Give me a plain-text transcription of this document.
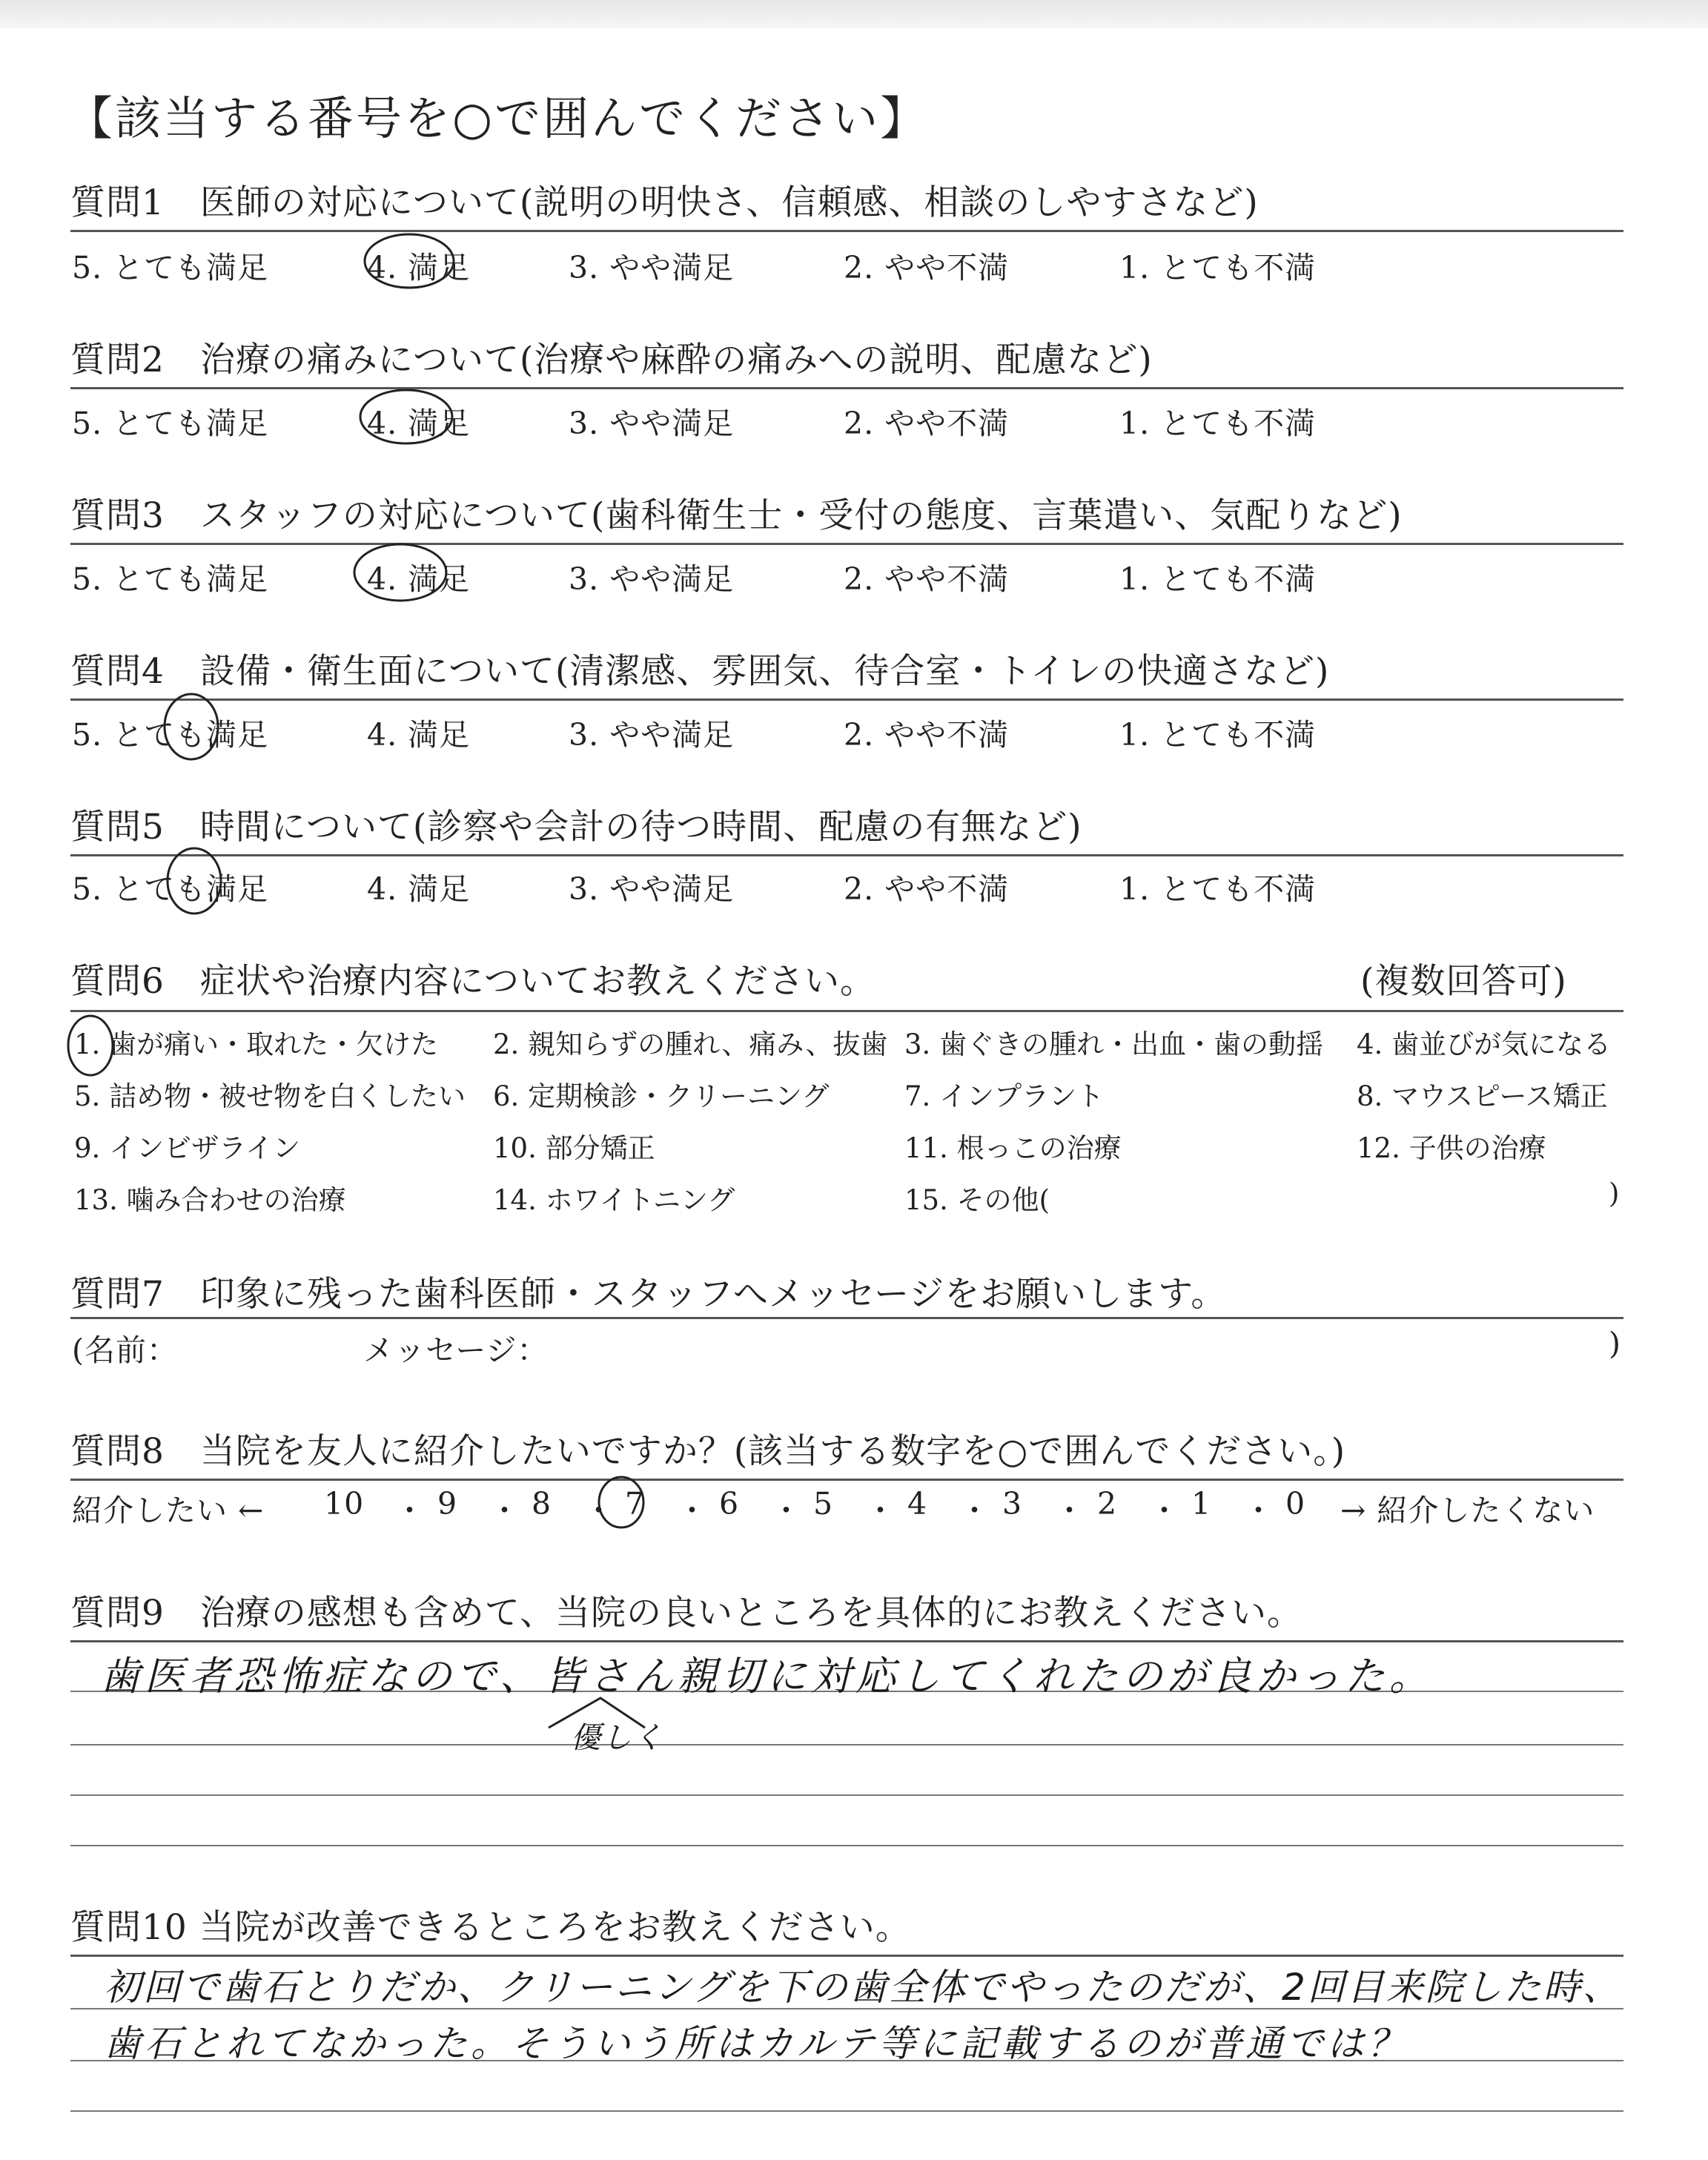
【該当する番号を○で囲んでください】
質問1　医師の対応について(説明の明快さ、信頼感、相談のしやすさなど)
5. とても満足	4. 満足	3. やや満足	2. やや不満	1. とても不満
質問2　治療の痛みについて(治療や麻酔の痛みへの説明、配慮など)
5. とても満足	4. 満足	3. やや満足	2. やや不満	1. とても不満
質問3　スタッフの対応について(歯科衛生士・受付の態度、言葉遣い、気配りなど)
5. とても満足	4. 満足	3. やや満足	2. やや不満	1. とても不満
質問4　設備・衛生面について(清潔感、雰囲気、待合室・トイレの快適さなど)
5. とても満足	4. 満足	3. やや満足	2. やや不満	1. とても不満
質問5　時間について(診察や会計の待つ時間、配慮の有無など)
5. とても満足	4. 満足	3. やや満足	2. やや不満	1. とても不満
質問6　症状や治療内容についてお教えください。	(複数回答可)
1. 歯が痛い・取れた・欠けた 2. 親知らずの腫れ、痛み、抜歯 3. 歯ぐきの腫れ・出血・歯の動揺 4. 歯並びが気になる
5. 詰め物・被せ物を白くしたい 6. 定期検診・クリーニング	7. インプラント	8. マウスピース矯正
9. インビザライン	10. 部分矯正	11. 根っこの治療	12. 子供の治療
13. 噛み合わせの治療	14. ホワイトニング	15. その他(	)
質問7　印象に残った歯科医師・スタッフへメッセージをお願いします。
(名前：	メッセージ：	)
質問8　当院を友人に紹介したいですか？(該当する数字を○で囲んでください。)
紹介したい ←	→ 紹介したくない
10 ・ 9 ・ 8 ・ 7 ・ 6 ・ 5 ・ 4 ・ 3 ・ 2 ・ 1 ・ 0
質問9　治療の感想も含めて、当院の良いところを具体的にお教えください。
歯医者恐怖症なので、皆さん親切に対応してくれたのが良かった。
優しく
質問10 当院が改善できるところをお教えください。
初回で歯石とりだか、クリーニングを下の歯全体でやったのだが、2回目来院した時、
歯石とれてなかった。そういう所はカルテ等に記載するのが普通では？
